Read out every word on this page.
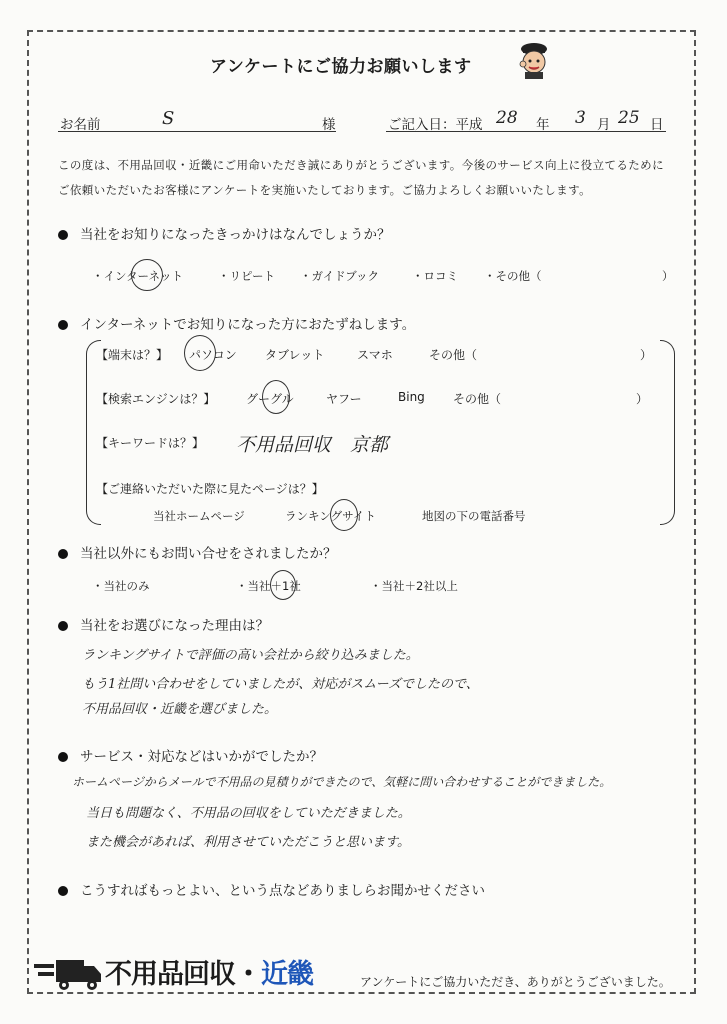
アンケートにご協力お願いします
お名前	S	様	ご記入日：平成 28 年 3 月 25 日
この度は、不用品回収・近畿にご用命いただき誠にありがとうございます。今後のサービス向上に役立てるために
ご依頼いただいたお客様にアンケートを実施いたしております。ご協力よろしくお願いいたします。
当社をお知りになったきっかけはなんでしょうか？
・インターネット	・リピート ・ガイドブック	・ロコミ ・その他（	）
インターネットでお知りになった方におたずねします。
【端末は？】 パソコン タブレット	スマホ	その他（	）
【検索エンジンは？】	グーグル	ヤフー	Bing その他（	）
【キーワードは？】 不用品回収　京都
【ご連絡いただいた際に見たページは？】
当社ホームページ	ランキングサイト	地図の下の電話番号
当社以外にもお問い合せをされましたか？
・当社のみ	・当社＋1社	・当社＋2社以上
当社をお選びになった理由は？
ランキングサイトで評価の高い会社から絞り込みました。
もう1社問い合わせをしていましたが、対応がスムーズでしたので、
不用品回収・近畿を選びました。
サービス・対応などはいかがでしたか？
ホームページからメールで不用品の見積りができたので、気軽に問い合わせすることができました。
当日も問題なく、不用品の回収をしていただきました。
また機会があれば、利用させていただこうと思います。
こうすればもっとよい、という点などありましらお聞かせください
不用品回収・近畿	アンケートにご協力いただき、ありがとうございました。
